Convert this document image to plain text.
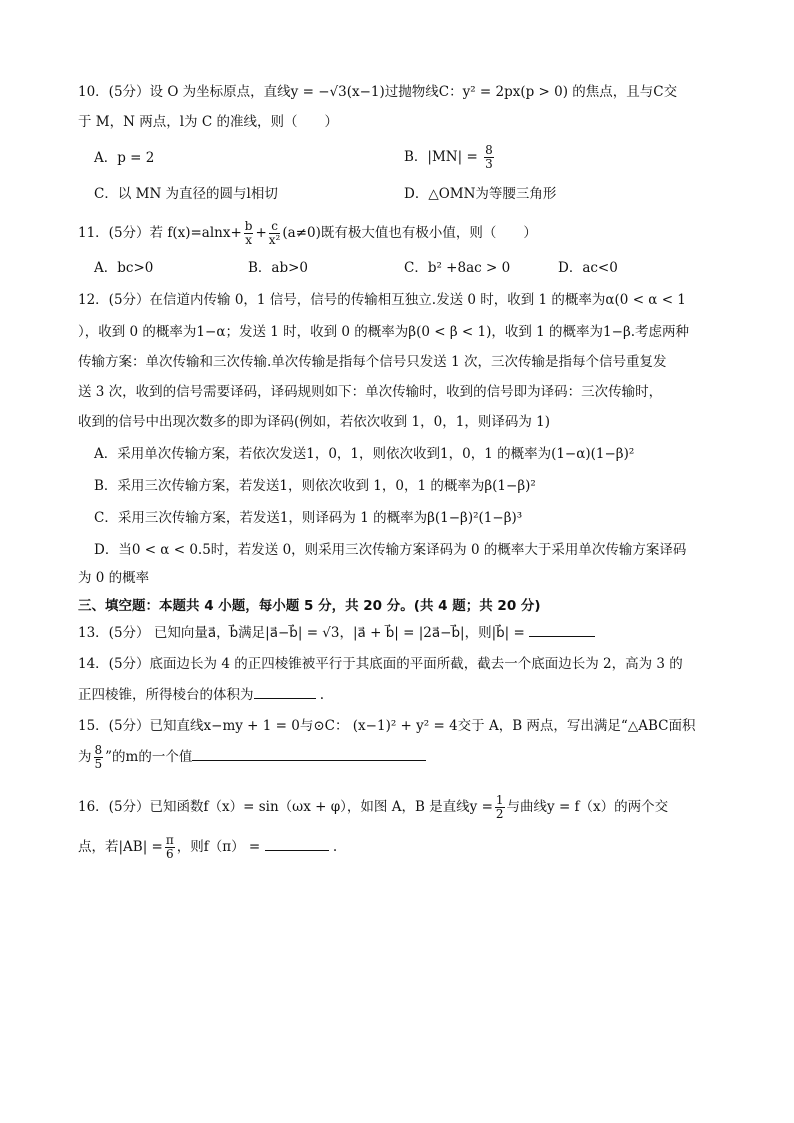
10．(5分）设 O 为坐标原点，直线y = −√3(x−1)过抛物线C：y² = 2px(p > 0) 的焦点，且与C交
于 M，N 两点，l为 C 的准线，则（　　）
A．p = 2	B．$|MN| = \frac{8}{3}$
C．以 MN 为直径的圆与l相切	D．△OMN为等腰三角形
11．(5分）若 $f(x)=alnx+ \frac{b}{x} + \frac{c}{\text{x²}} (a\ne 0)$既有极大值也有极小值，则（　　）
A．bc>0	B．ab>0	C．b² +8ac > 0	D．ac<0
12．(5分）在信道内传输 0，1 信号，信号的传输相互独立.发送 0 时，收到 1 的概率为α(0 < α < 1
），收到 0 的概率为1−α；发送 1 时，收到 0 的概率为β(0 < β < 1)，收到 1 的概率为1−β.考虑两种
传输方案：单次传输和三次传输.单次传输是指每个信号只发送 1 次，三次传输是指每个信号重复发
送 3 次，收到的信号需要译码，译码规则如下：单次传输时，收到的信号即为译码：三次传输时，
收到的信号中出现次数多的即为译码(例如，若依次收到 1，0，1，则译码为 1)
A．采用单次传输方案，若依次发送1，0，1，则依次收到1，0，1 的概率为(1−α)(1−β)²
B．采用三次传输方案，若发送1，则依次收到 1，0，1 的概率为β(1−β)²
C．采用三次传输方案，若发送1，则译码为 1 的概率为β(1−β)²(1−β)³
D．当0 < α < 0.5时，若发送 0，则采用三次传输方案译码为 0 的概率大于采用单次传输方案译码
为 0 的概率
三、填空题：本题共 4 小题，每小题 5 分，共 20 分。(共 4 题；共 20 分)
13．(5分） 已知向量a⃗，b⃗满足|a⃗−b⃗| = √3，|a⃗ + b⃗| = |2a⃗−b⃗|，则|b⃗| =
14．(5分）底面边长为 4 的正四棱锥被平行于其底面的平面所截，截去一个底面边长为 2，高为 3 的
正四棱锥，所得棱台的体积为	.
15．(5分）已知直线x−my + 1 = 0与⊙C： (x−1)² + y² = 4交于 A，B 两点，写出满足“△ABC面积
为 $\frac{8}{5}$ ”的m的一个值
16．(5分）已知函数f（x）= sin（ωx + φ），如图 A，B 是直线$y = \frac{1}{2}$ 与曲线y = f（x）的两个交
点，若$|AB| = \frac{\pi}{6}$ ，则f（π） =	.
